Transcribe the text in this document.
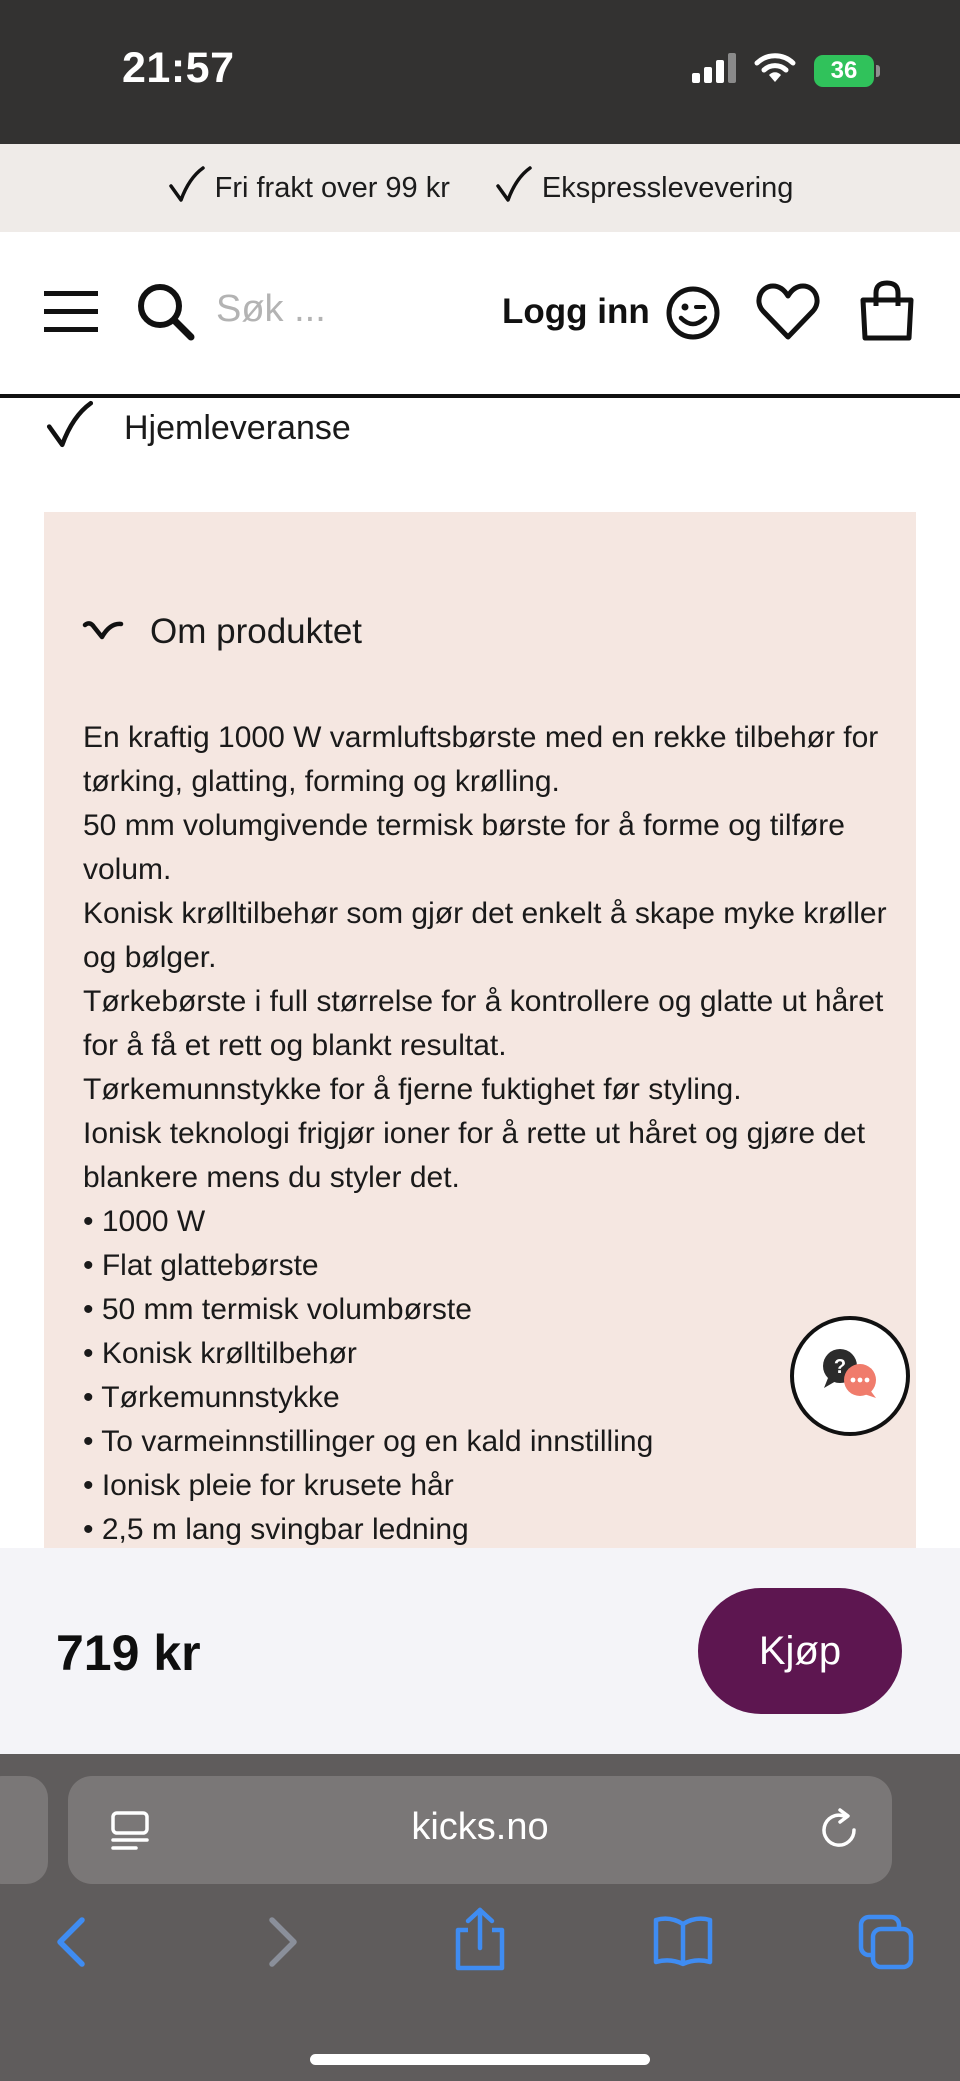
21:57	36
Fri frakt over 99 kr	Ekspresslevevering
Søk ...	Logg inn
Hjemleveranse
Om produktet

En kraftig 1000 W varmluftsbørste med en rekke tilbehør for tørking, glatting, forming og krølling.

50 mm volumgivende termisk børste for å forme og tilføre volum.

Konisk krølltilbehør som gjør det enkelt å skape myke krøller og bølger.

Tørkebørste i full størrelse for å kontrollere og glatte ut håret for å få et rett og blankt resultat.

Tørkemunnstykke for å fjerne fuktighet før styling.

Ionisk teknologi frigjør ioner for å rette ut håret og gjøre det blankere mens du styler det.

• 1000 W
• Flat glattebørste
• 50 mm termisk volumbørste
• Konisk krølltilbehør
• Tørkemunnstykke
• To varmeinnstillinger og en kald innstilling
• Ionisk pleie for krusete hår
• 2,5 m lang svingbar ledning
?
719 kr	Kjøp
kicks.no
